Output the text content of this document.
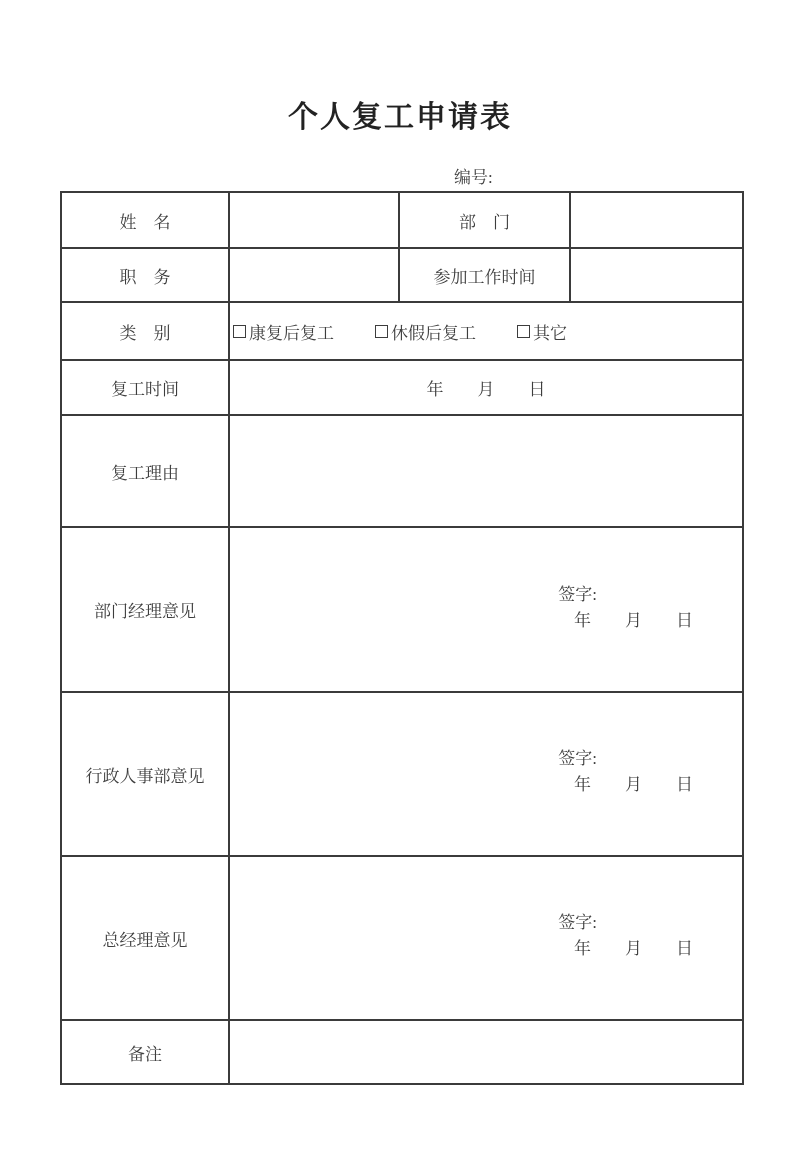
个人复工申请表
编号:
姓　名		部　门	
职　务		参加工作时间	
类　别	康复后复工 休假后复工 其它		

复工时间	年　　月　　日		
复工理由			
部门经理意见	签字:
年　　月　　日		

行政人事部意见	签字:
年　　月　　日		

总经理意见	签字:
年　　月　　日		

备注			
